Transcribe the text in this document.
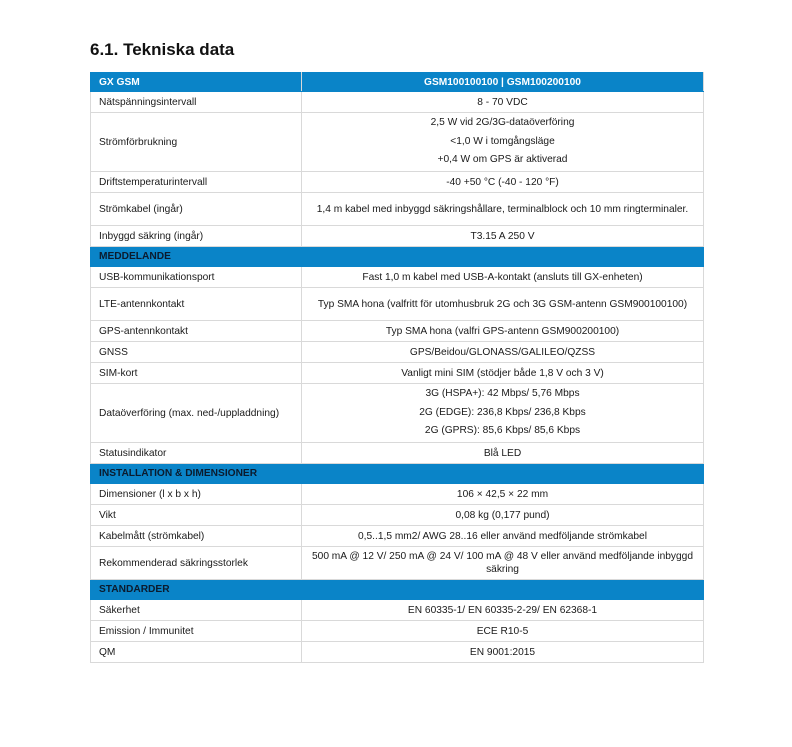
6.1. Tekniska data
GX GSM	GSM100100100 | GSM100200100
Nätspänningsintervall	8 - 70 VDC
Strömförbrukning	2,5 W vid 2G/3G-dataöverföring
<1,0 W i tomgångsläge
+0,4 W om GPS är aktiverad

Driftstemperaturintervall	-40 +50 °C (-40 - 120 °F)
Strömkabel (ingår)	1,4 m kabel med inbyggd säkringshållare, terminalblock och 10 mm ringterminaler.
Inbyggd säkring (ingår)	T3.15 A 250 V
MEDDELANDE	
USB-kommunikationsport	Fast 1,0 m kabel med USB-A-kontakt (ansluts till GX-enheten)
LTE-antennkontakt	Typ SMA hona (valfritt för utomhusbruk 2G och 3G GSM-antenn GSM900100100)
GPS-antennkontakt	Typ SMA hona (valfri GPS-antenn GSM900200100)
GNSS	GPS/Beidou/GLONASS/GALILEO/QZSS
SIM-kort	Vanligt mini SIM (stödjer både 1,8 V och 3 V)
Dataöverföring (max. ned-/uppladdning)	3G (HSPA+): 42 Mbps/ 5,76 Mbps
2G (EDGE): 236,8 Kbps/ 236,8 Kbps
2G (GPRS): 85,6 Kbps/ 85,6 Kbps

Statusindikator	Blå LED
INSTALLATION & DIMENSIONER	
Dimensioner (l x b x h)	106 × 42,5 × 22 mm
Vikt	0,08 kg (0,177 pund)
Kabelmått (strömkabel)	0,5..1,5 mm2/ AWG 28..16 eller använd medföljande strömkabel
Rekommenderad säkringsstorlek	500 mA @ 12 V/ 250 mA @ 24 V/ 100 mA @ 48 V eller använd medföljande inbyggd säkring
STANDARDER	
Säkerhet	EN 60335-1/ EN 60335-2-29/ EN 62368-1
Emission / Immunitet	ECE R10-5
QM	EN 9001:2015
